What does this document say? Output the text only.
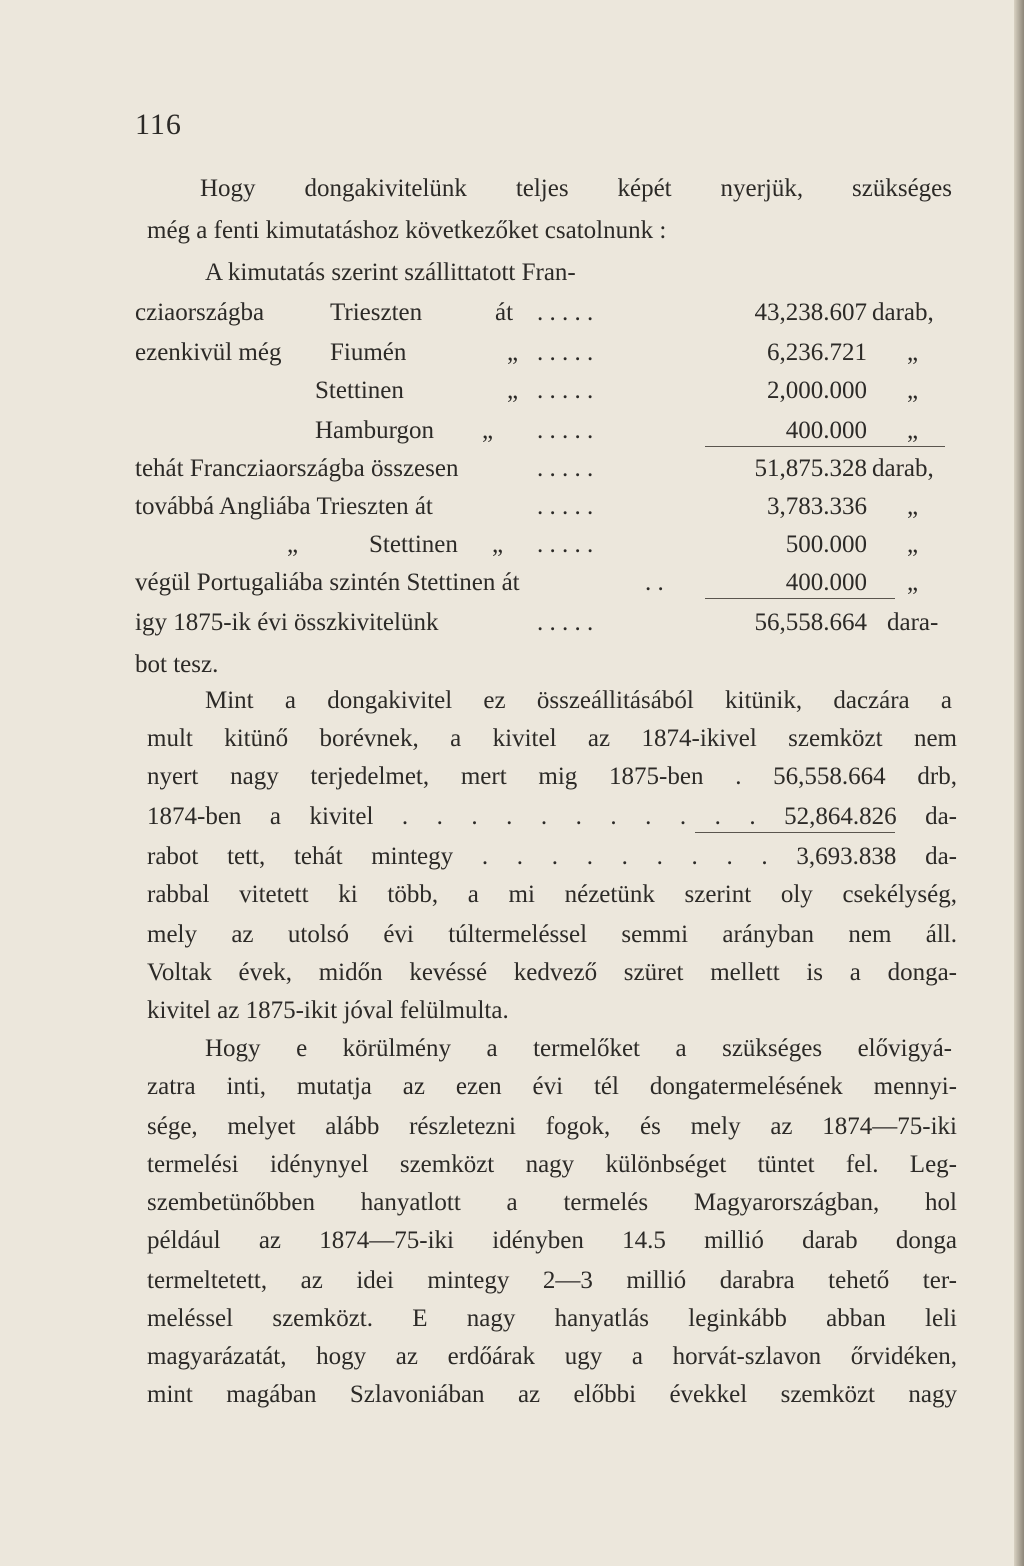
116
Hogy dongakivitelünk teljes képét nyerjük, szükséges
még a fenti kimutatáshoz következőket csatolnunk :
A kimutatás szerint szállittatott Fran-
cziaországba	Trieszten	át . . . . .	43,238.607 darab,
ezenkivül még Fiumén	„ . . . . .	6,236.721 „
Stettinen	„ . . . . .	2,000.000 „
Hamburgon „ . . . . .	400.000 „
tehát Francziaországba összesen	. . . . .	51,875.328 darab,
továbbá Angliába Trieszten át	. . . . .	3,783.336 „
„	Stettinen „ . . . . .	500.000 „
végül Portugaliába szintén Stettinen át	. .	400.000 „
igy 1875-ik évi összkivitelünk	. . . . .	56,558.664 dara-
bot tesz.
Mint a dongakivitel ez összeállitásából kitünik, daczára a
mult kitünő borévnek, a kivitel az 1874-ikivel szemközt nem
nyert nagy terjedelmet, mert mig 1875-ben . 56,558.664 drb,
1874-ben a kivitel . . . . . . . . . . . 52,864.826 da-
rabot tett, tehát mintegy . . . . . . . . . 3,693.838 da-
rabbal vitetett ki több, a mi nézetünk szerint oly csekélység,
mely az utolsó évi túltermeléssel semmi arányban nem áll.
Voltak évek, midőn kevéssé kedvező szüret mellett is a donga-
kivitel az 1875-ikit jóval felülmulta.
Hogy e körülmény a termelőket a szükséges elővigyá-
zatra inti, mutatja az ezen évi tél dongatermelésének mennyi-
sége, melyet alább részletezni fogok, és mely az 1874—75-iki
termelési idénynyel szemközt nagy különbséget tüntet fel. Leg-
szembetünőbben hanyatlott a termelés Magyarországban, hol
például az 1874—75-iki idényben 14.5 millió darab donga
termeltetett, az idei mintegy 2—3 millió darabra tehető ter-
meléssel szemközt. E nagy hanyatlás leginkább abban leli
magyarázatát, hogy az erdőárak ugy a horvát-szlavon őrvidéken,
mint magában Szlavoniában az előbbi évekkel szemközt nagy
